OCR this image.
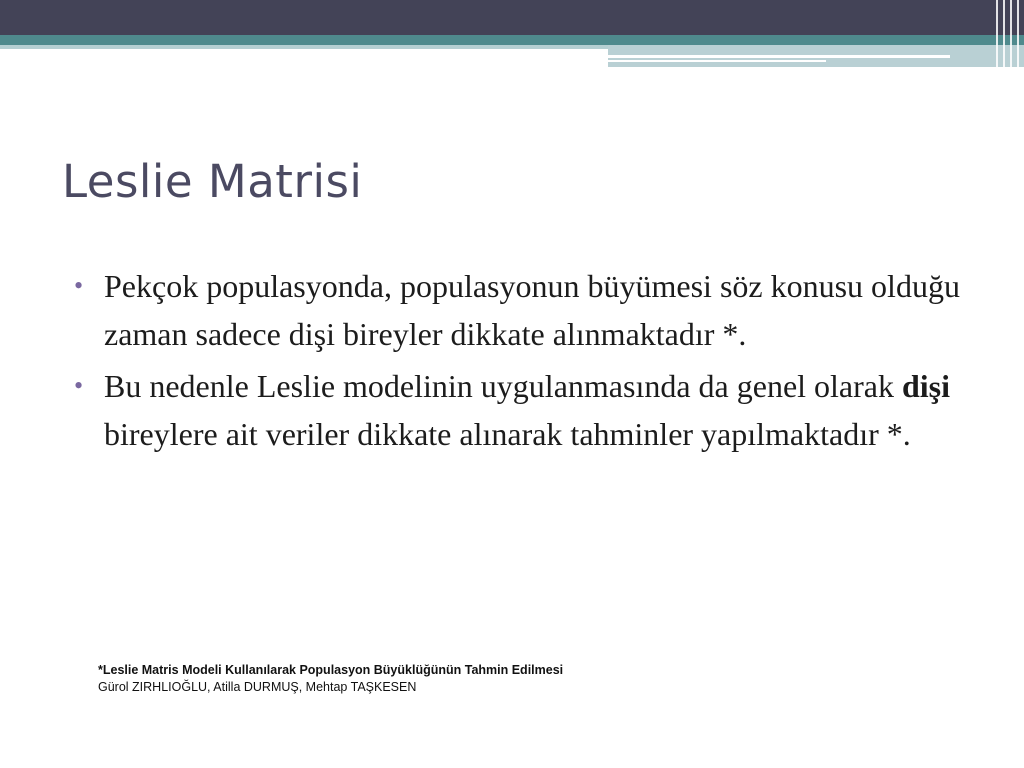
Leslie Matrisi
• Pekçok populasyonda, populasyonun büyümesi söz konusu olduğu zaman sadece dişi bireyler dikkate alınmaktadır *.
• Bu nedenle Leslie modelinin uygulanmasında da genel olarak dişi bireylere ait veriler dikkate alınarak tahminler yapılmaktadır *.
*Leslie Matris Modeli Kullanılarak Populasyon Büyüklüğünün Tahmin Edilmesi
Gürol ZIRHLIOĞLU, Atilla DURMUŞ, Mehtap TAŞKESEN
